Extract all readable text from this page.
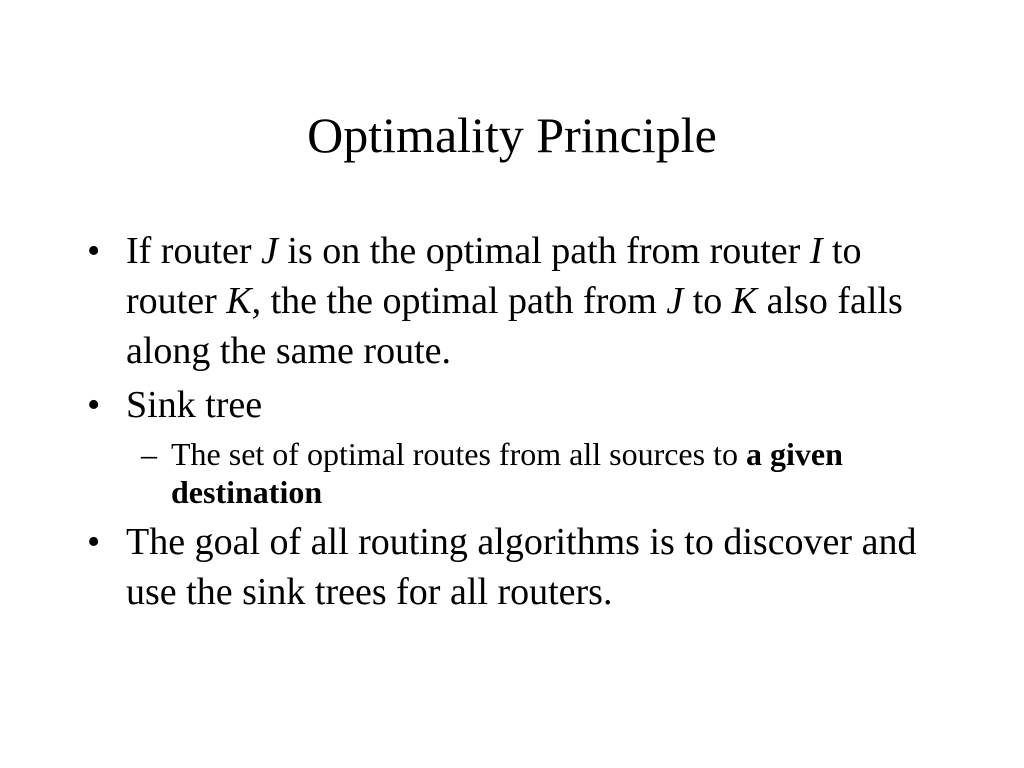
Optimality Principle
• If router J is on the optimal path from router I to router K, the the optimal path from J to K also falls along the same route.
• Sink tree
– The set of optimal routes from all sources to a given destination
• The goal of all routing algorithms is to discover and use the sink trees for all routers.
